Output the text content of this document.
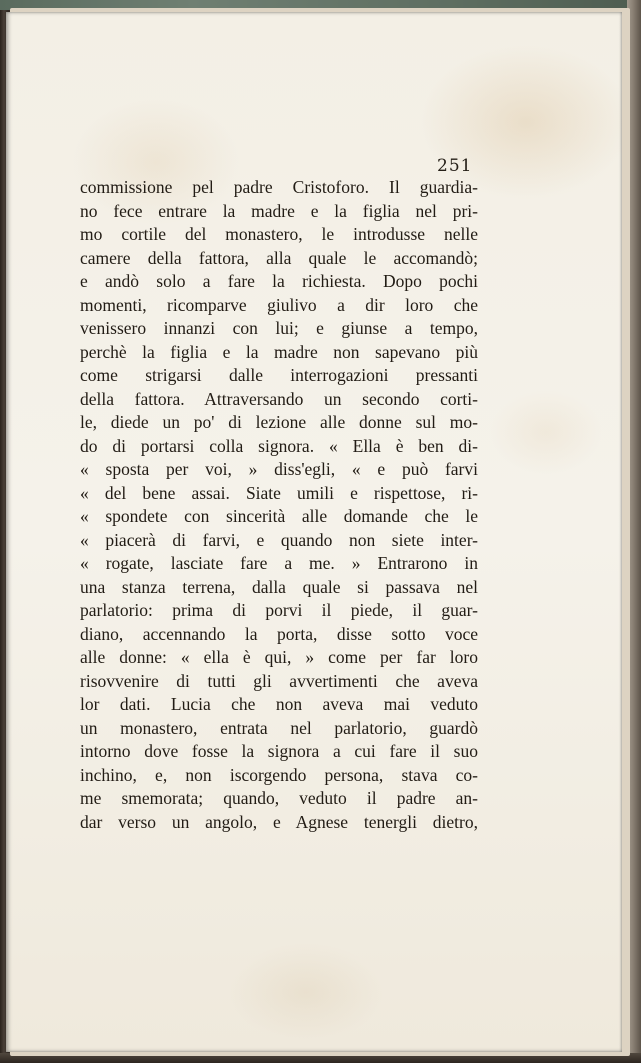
251
commissione pel padre Cristoforo. Il guardia-
no fece entrare la madre e la figlia nel pri-
mo cortile del monastero, le introdusse nelle
camere della fattora, alla quale le accomandò;
e andò solo a fare la richiesta. Dopo pochi
momenti, ricomparve giulivo a dir loro che
venissero innanzi con lui; e giunse a tempo,
perchè la figlia e la madre non sapevano più
come strigarsi dalle interrogazioni pressanti
della fattora. Attraversando un secondo corti-
le, diede un po' di lezione alle donne sul mo-
do di portarsi colla signora. « Ella è ben di-
« sposta per voi, » diss'egli, « e può farvi
« del bene assai. Siate umili e rispettose, ri-
« spondete con sincerità alle domande che le
« piacerà di farvi, e quando non siete inter-
« rogate, lasciate fare a me. » Entrarono in
una stanza terrena, dalla quale si passava nel
parlatorio: prima di porvi il piede, il guar-
diano, accennando la porta, disse sotto voce
alle donne: « ella è qui, » come per far loro
risovvenire di tutti gli avvertimenti che aveva
lor dati. Lucia che non aveva mai veduto
un monastero, entrata nel parlatorio, guardò
intorno dove fosse la signora a cui fare il suo
inchino, e, non iscorgendo persona, stava co-
me smemorata; quando, veduto il padre an-
dar verso un angolo, e Agnese tenergli dietro,
